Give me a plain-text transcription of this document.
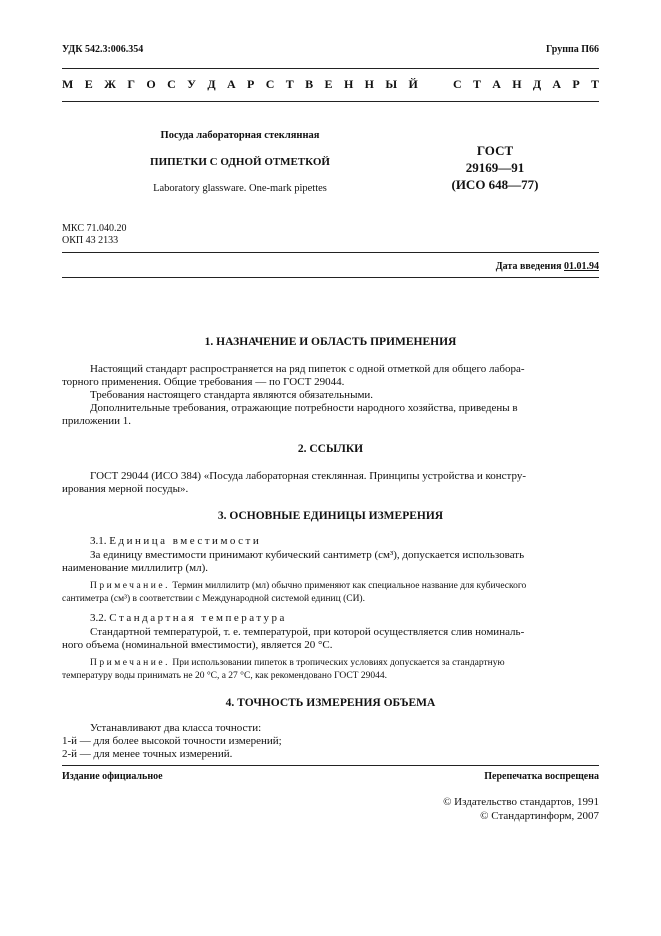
УДК 542.3:006.354	Группа П66
М Е Ж Г О С У Д А Р С Т В Е Н Н Ы Й	С Т А Н Д А Р Т
Посуда лабораторная стеклянная
ПИПЕТКИ С ОДНОЙ ОТМЕТКОЙ
Laboratory glassware. One-mark pipettes
ГОСТ
29169—91
(ИСО 648—77)
МКС 71.040.20
ОКП 43 2133
Дата введения 01.01.94
1. НАЗНАЧЕНИЕ И ОБЛАСТЬ ПРИМЕНЕНИЯ
Настоящий стандарт распространяется на ряд пипеток с одной отметкой для общего лабора-
торного применения. Общие требования — по ГОСТ 29044.
Требования настоящего стандарта являются обязательными.
Дополнительные требования, отражающие потребности народного хозяйства, приведены в
приложении 1.
2. ССЫЛКИ
ГОСТ 29044 (ИСО 384) «Посуда лабораторная стеклянная. Принципы устройства и констру-
ирования мерной посуды».
3. ОСНОВНЫЕ ЕДИНИЦЫ ИЗМЕРЕНИЯ
3.1. Единица вместимости
За единицу вместимости принимают кубический сантиметр (см³), допускается использовать
наименование миллилитр (мл).
Примечание. Термин миллилитр (мл) обычно применяют как специальное название для кубического
сантиметра (см³) в соответствии с Международной системой единиц (СИ).
3.2. Стандартная температура
Стандартной температурой, т. е. температурой, при которой осуществляется слив номиналь-
ного объема (номинальной вместимости), является 20 °С.
Примечание. При использовании пипеток в тропических условиях допускается за стандартную
температуру воды принимать не 20 °С, а 27 °С, как рекомендовано ГОСТ 29044.
4. ТОЧНОСТЬ ИЗМЕРЕНИЯ ОБЪЕМА
Устанавливают два класса точности:
1-й — для более высокой точности измерений;
2-й — для менее точных измерений.
Издание официальное	Перепечатка воспрещена
© Издательство стандартов, 1991
© Стандартинформ, 2007
